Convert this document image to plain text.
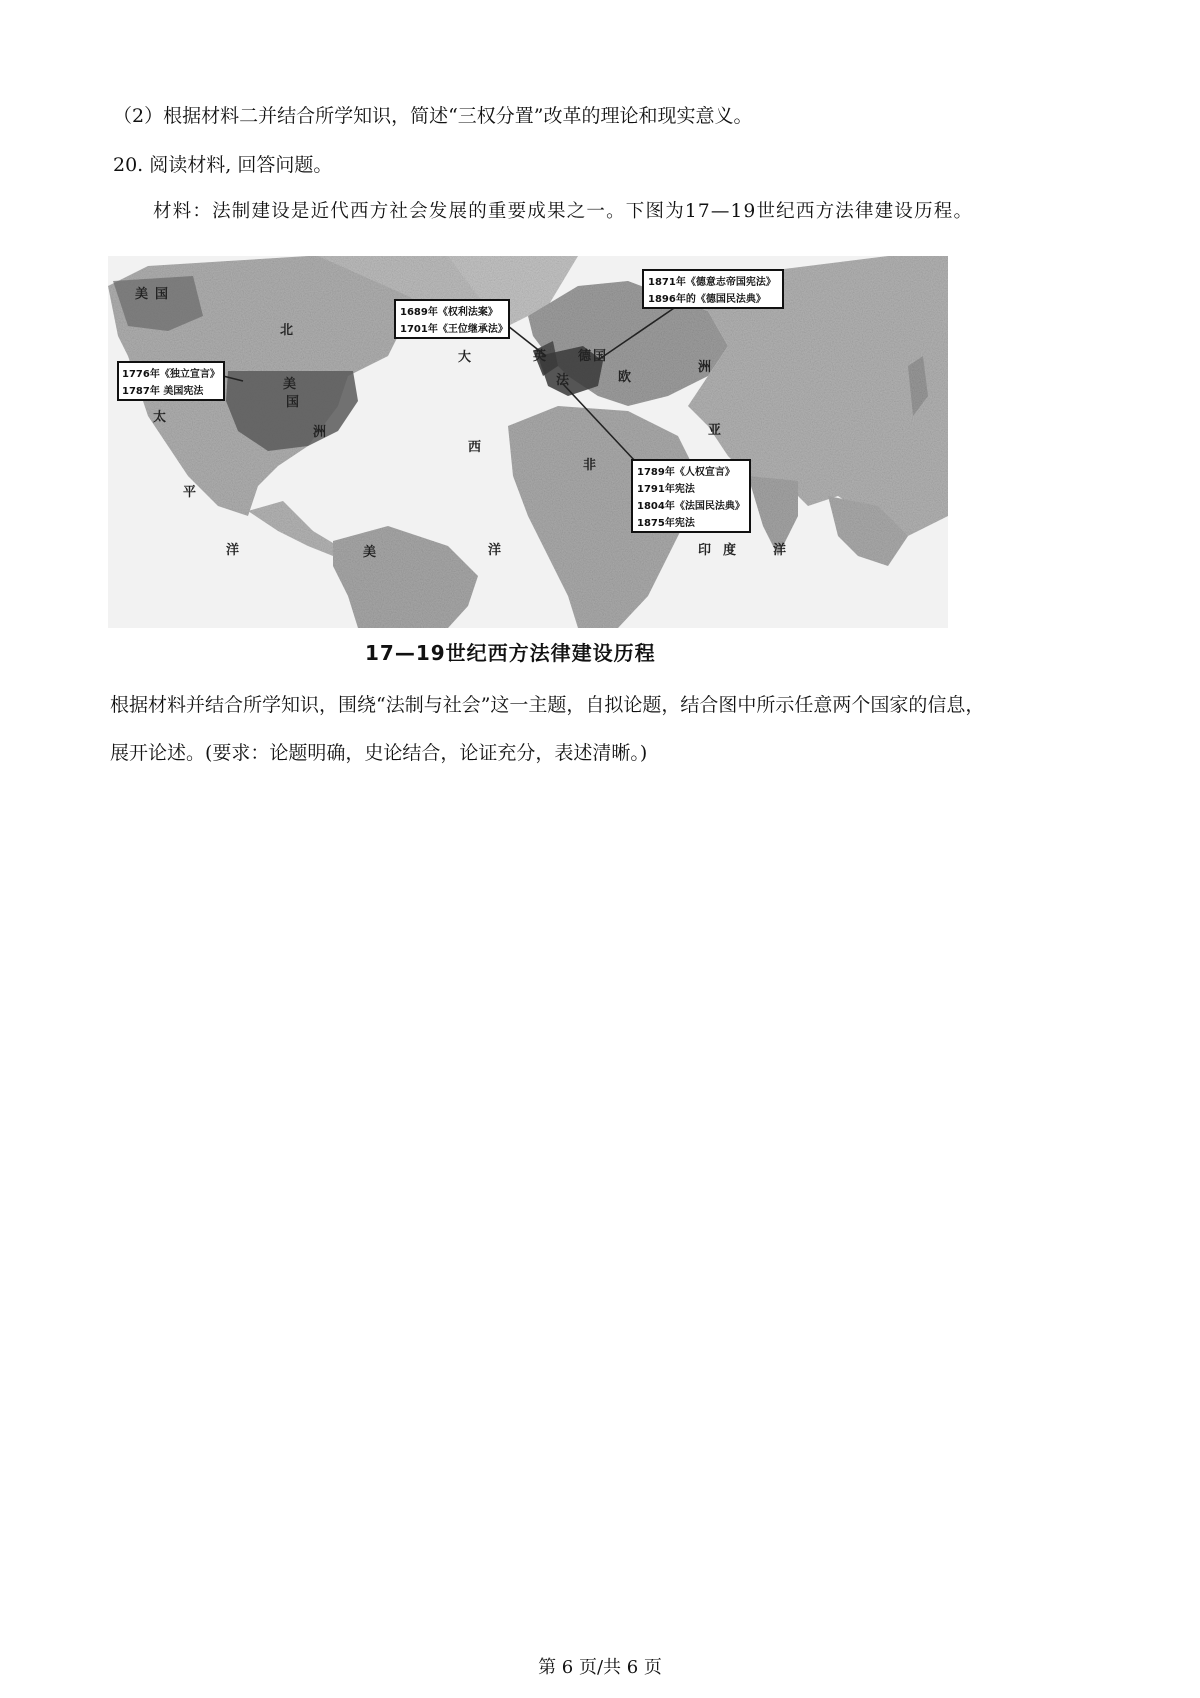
（2）根据材料二并结合所学知识，简述“三权分置”改革的理论和现实意义。
20. 阅读材料, 回答问题。
材料：法制建设是近代西方社会发展的重要成果之一。下图为17—19世纪西方法律建设历程。
北
大
太
平
洋
西
洲
欧
洲
亚
非
洋	印 度	洋
美
美 国
美
国
英
法
德 国
1689年《权利法案》
1701年《王位继承法》
1776年《独立宣言》
1787年 美国宪法
1871年《德意志帝国宪法》
1896年的《德国民法典》
1789年《人权宣言》
1791年宪法
1804年《法国民法典》
1875年宪法
17—19世纪西方法律建设历程
根据材料并结合所学知识，围绕“法制与社会”这一主题，自拟论题，结合图中所示任意两个国家的信息，
展开论述。(要求：论题明确，史论结合，论证充分，表述清晰。)
第 6 页/共 6 页
